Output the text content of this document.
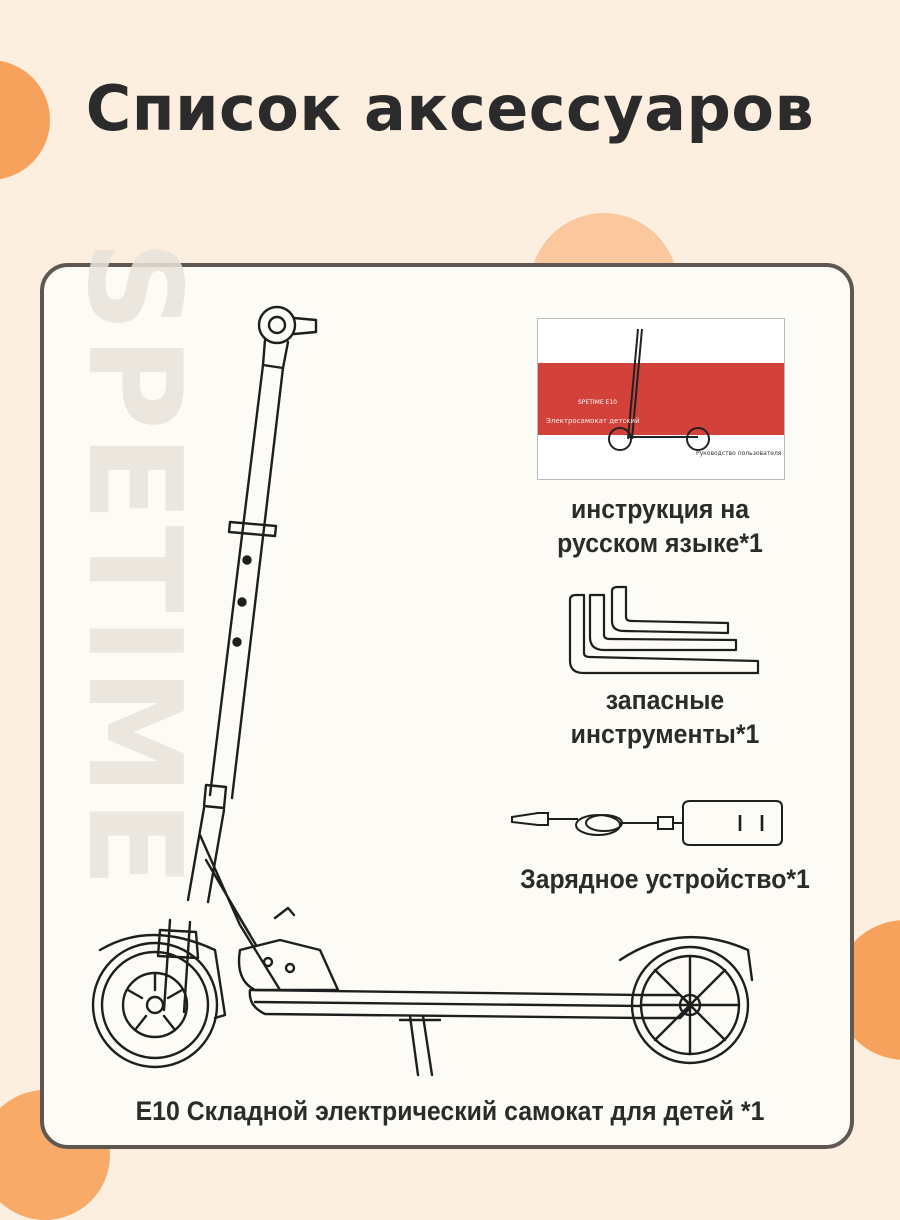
Список аксессуаров
SPETIME	SPETIME E10
Электросамокат детский
Руководство пользователя
инструкция на
русском языке*1
запасные
инструменты*1
Зарядное устройство*1
E10 Складной электрический самокат для детей *1
